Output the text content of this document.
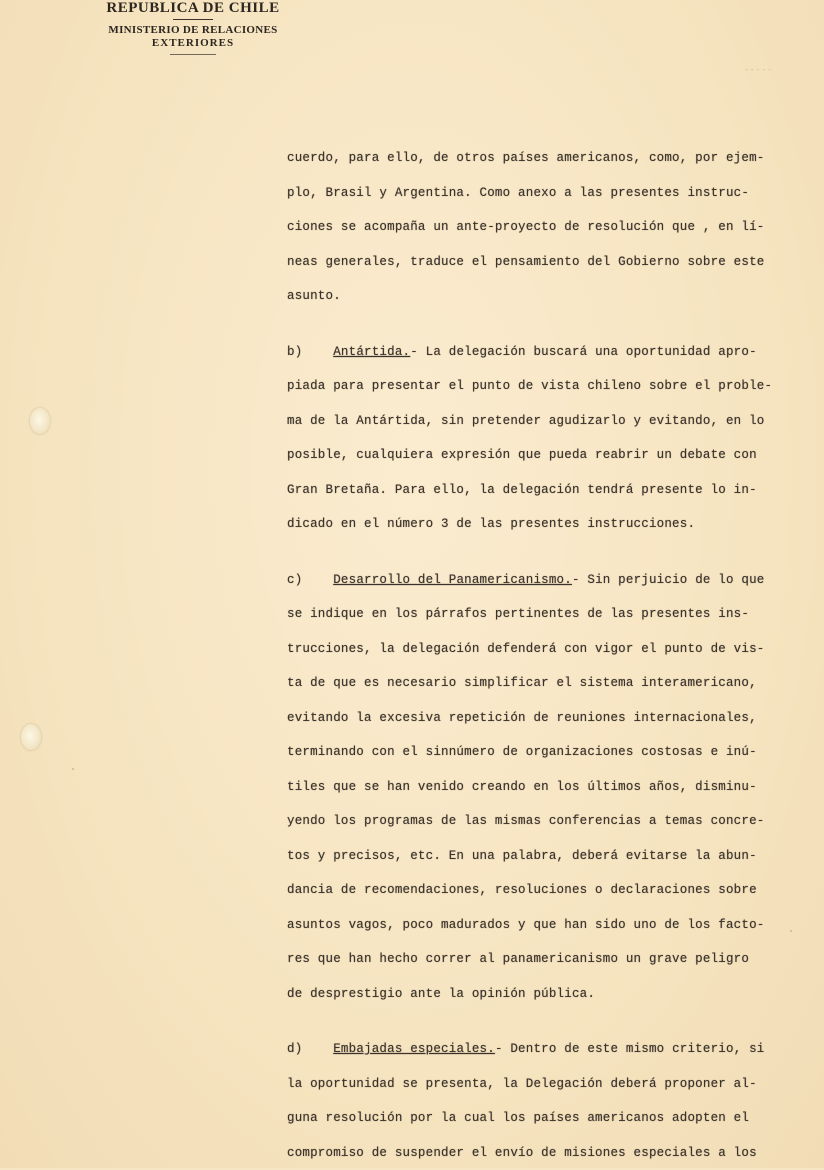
REPUBLICA DE CHILE
MINISTERIO DE RELACIONES
EXTERIORES
-----
cuerdo, para ello, de otros países americanos, como, por ejem-
plo, Brasil y Argentina. Como anexo a las presentes instruc-
ciones se acompaña un ante-proyecto de resolución que , en lí-
neas generales, traduce el pensamiento del Gobierno sobre este
asunto.
b) Antártida.- La delegación buscará una oportunidad apro-
piada para presentar el punto de vista chileno sobre el proble-
ma de la Antártida, sin pretender agudizarlo y evitando, en lo
posible, cualquiera expresión que pueda reabrir un debate con
Gran Bretaña. Para ello, la delegación tendrá presente lo in-
dicado en el número 3 de las presentes instrucciones.
c) Desarrollo del Panamericanismo.- Sin perjuicio de lo que
se indique en los párrafos pertinentes de las presentes ins-
trucciones, la delegación defenderá con vigor el punto de vis-
ta de que es necesario simplificar el sistema interamericano,
evitando la excesiva repetición de reuniones internacionales,
terminando con el sinnúmero de organizaciones costosas e inú-
tiles que se han venido creando en los últimos años, disminu-
yendo los programas de las mismas conferencias a temas concre-
tos y precisos, etc. En una palabra, deberá evitarse la abun-
dancia de recomendaciones, resoluciones o declaraciones sobre
asuntos vagos, poco madurados y que han sido uno de los facto-
res que han hecho correr al panamericanismo un grave peligro
de desprestigio ante la opinión pública.
d) Embajadas especiales.- Dentro de este mismo criterio, si
la oportunidad se presenta, la Delegación deberá proponer al-
guna resolución por la cual los países americanos adopten el
compromiso de suspender el envío de misiones especiales a los
